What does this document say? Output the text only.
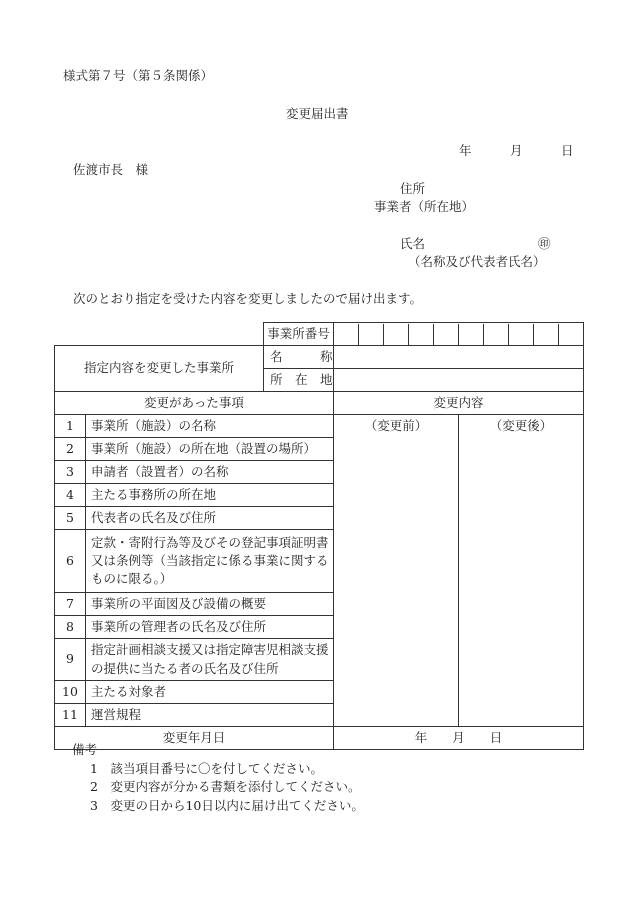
様式第７号（第５条関係）
変更届出書
年	月	日
佐渡市長　様
住所
事業者（所在地）
氏名	㊞
（名称及び代表者氏名）
次のとおり指定を受けた内容を変更しましたので届け出ます。
		事業所番号		

指定内容を変更した事業所		名　　　称		
		所　在　地		
変更があった事項			変更内容	
1	事業所（施設）の名称		（変更前）	（変更後）
2	事業所（施設）の所在地（設置の場所）			
3	申請者（設置者）の名称			
4	主たる事務所の所在地			
5	代表者の氏名及び住所			
6	定款・寄附行為等及びその登記事項証明書又は条例等（当該指定に係る事業に関するものに限る。）			
7	事業所の平面図及び設備の概要			
8	事業所の管理者の氏名及び住所			
9	指定計画相談支援又は指定障害児相談支援の提供に当たる者の氏名及び住所			
10	主たる対象者			
11	運営規程			
変更年月日			年　　月　　日	
備考
1　該当項目番号に〇を付してください。
2　変更内容が分かる書類を添付してください。
3　変更の日から10日以内に届け出てください。
